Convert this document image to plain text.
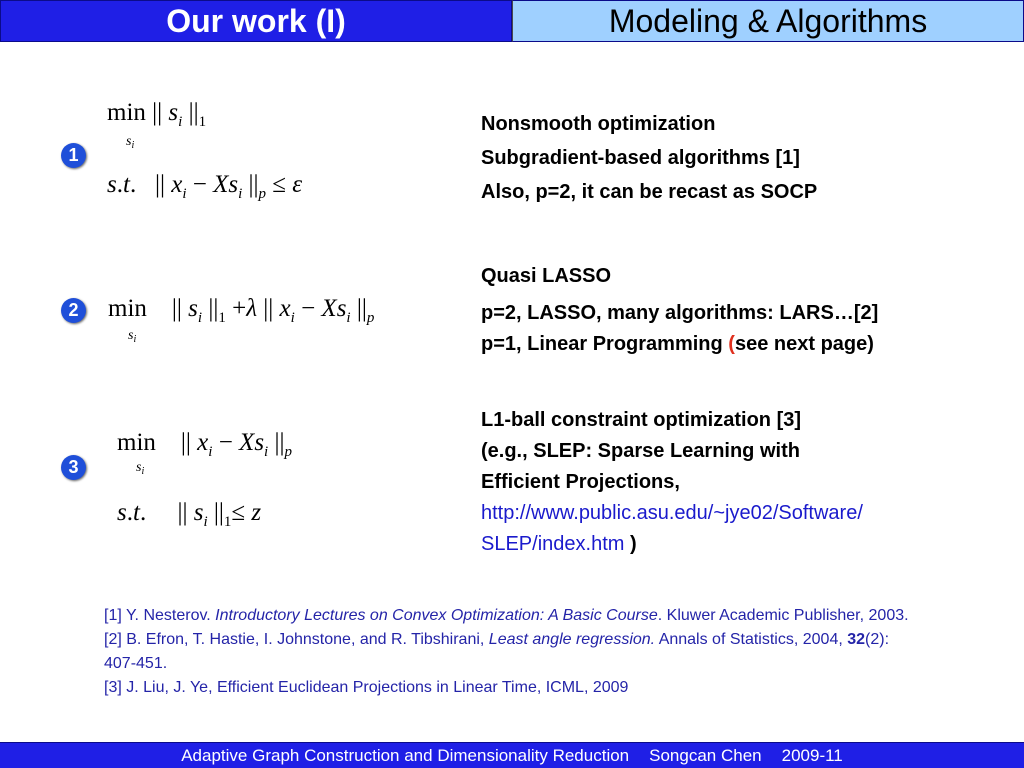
Our work (I)	Modeling & Algorithms
1
2
3
min || $s_i$ $||_1$
$s_i$
s.t.   || $x_i - Xs_i$ $||_p \le \varepsilon$
min    || $s_i$ $||_1 +\lambda$ || $x_i - Xs_i$ $||_p$
$s_i$
min    || $x_i - Xs_i$ $||_p$
$s_i$
s.t.     || $s_i$ $||_1\le z$
Nonsmooth optimization
Subgradient-based algorithms [1]
Also, p=2, it can be recast as SOCP
Quasi LASSO
p=2, LASSO, many algorithms: LARS…[2]
p=1, Linear Programming (see next page)
L1-ball constraint optimization [3]
(e.g., SLEP: Sparse Learning with
Efficient Projections,
http://www.public.asu.edu/~jye02/Software/
SLEP/index.htm )
[1] Y. Nesterov. Introductory Lectures on Convex Optimization: A Basic Course. Kluwer Academic Publisher, 2003.
[2] B. Efron, T. Hastie, I. Johnstone, and R. Tibshirani, Least angle regression. Annals of Statistics, 2004, 32(2): 407-451.
[3] J. Liu, J. Ye, Efficient Euclidean Projections in Linear Time, ICML, 2009
Adaptive Graph Construction and Dimensionality Reduction Songcan Chen 2009-11
